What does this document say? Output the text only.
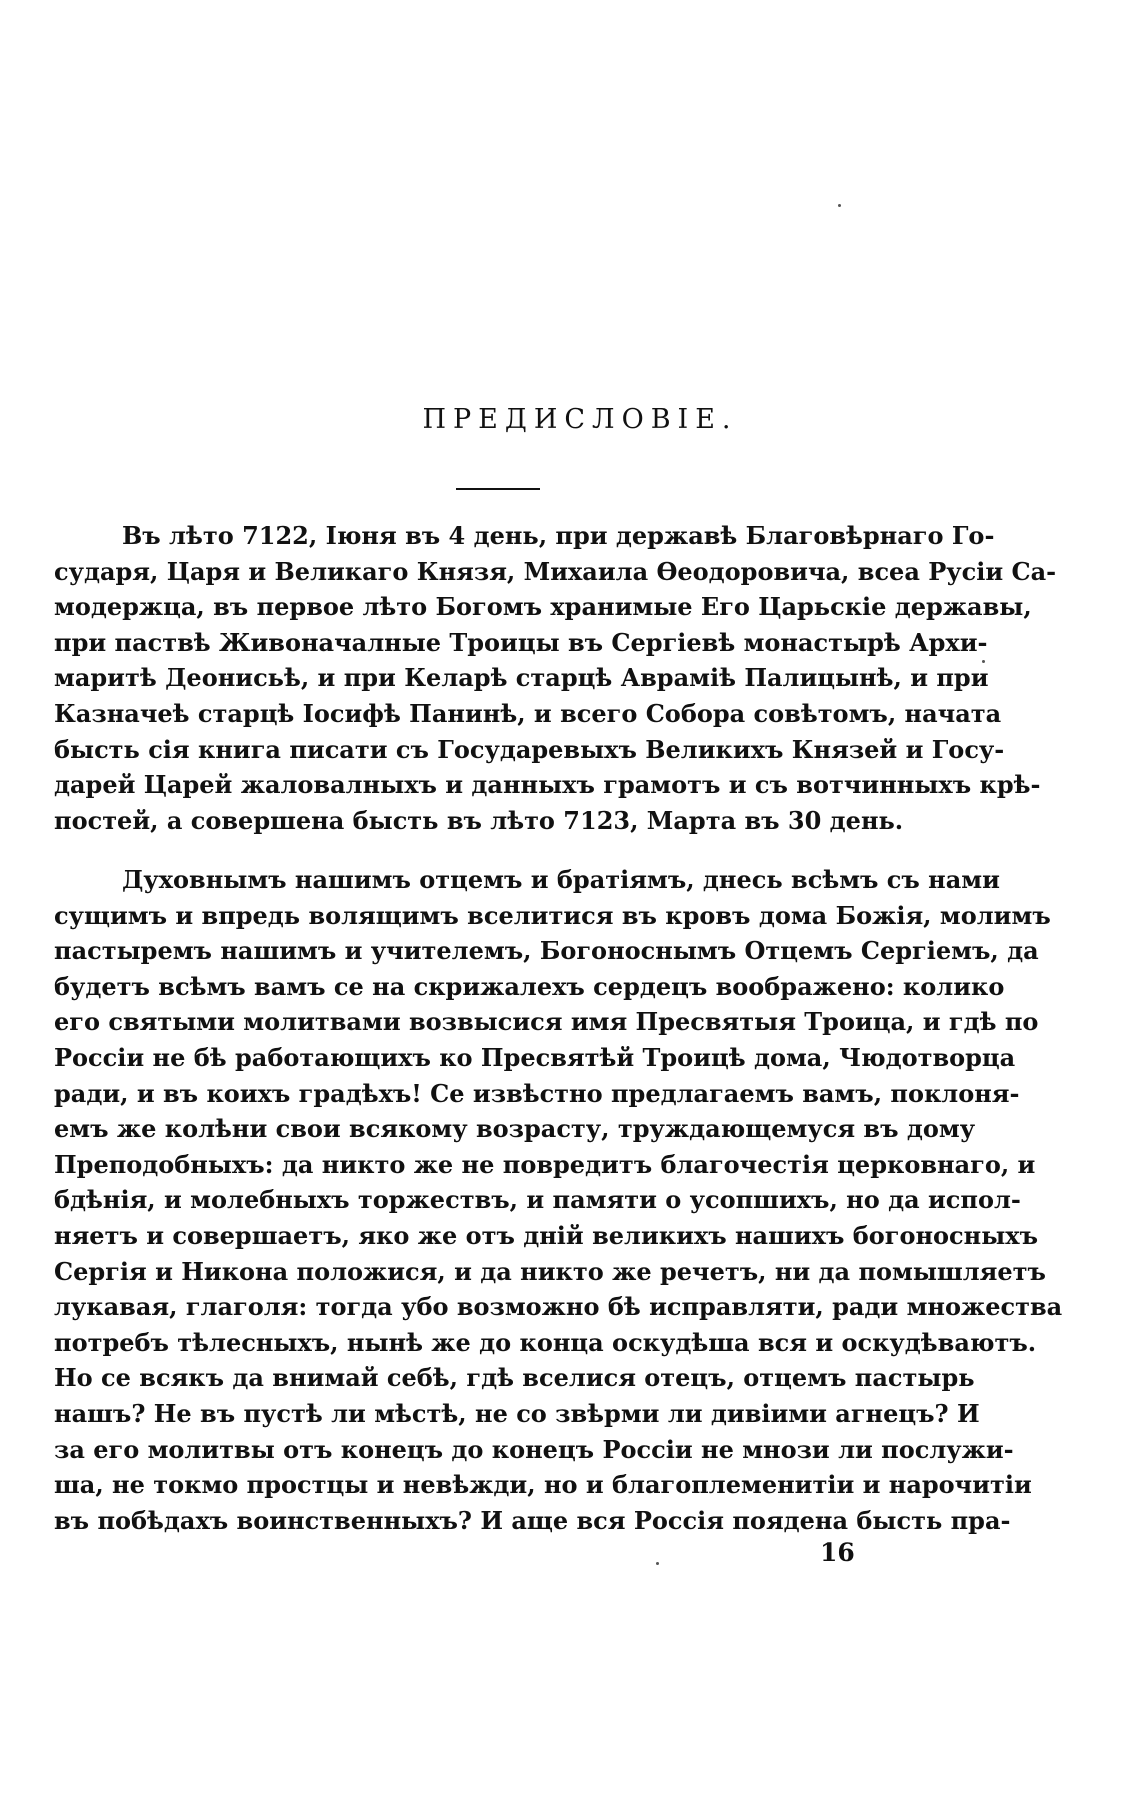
ПРЕДИСЛОВІЕ.

Въ лѣто 7122, Іюня въ 4 день, при державѣ Благовѣрнаго Го-
сударя, Царя и Великаго Князя, Михаила Ѳеодоровича, всеа Русіи Са-
модержца, въ первое лѣто Богомъ хранимые Его Царьскіе державы,
при паствѣ Живоначалные Троицы въ Сергіевѣ монастырѣ Архи-
маритѣ Деонисьѣ, и при Келарѣ старцѣ Аврамiѣ Палицынѣ, и при
Казначеѣ старцѣ Іосифѣ Панинѣ, и всего Собора совѣтомъ, начата
бысть сія книга писати съ Государевыхъ Великихъ Князей и Госу-
дарей Царей жаловалныхъ и данныхъ грамотъ и съ вотчинныхъ крѣ-
постей, а совершена бысть въ лѣто 7123, Марта въ 30 день.

Духовнымъ нашимъ отцемъ и братіямъ, днесь всѣмъ съ нами
сущимъ и впредь волящимъ вселитися въ кровъ дома Божія, молимъ
пастыремъ нашимъ и учителемъ, Богоноснымъ Отцемъ Сергіемъ, да
будетъ всѣмъ вамъ се на скрижалехъ сердецъ воображено: колико
его святыми молитвами возвысися имя Пресвятыя Троица, и гдѣ по
Россіи не бѣ работающихъ ко Пресвятѣй Троицѣ дома, Чюдотворца
ради, и въ коихъ градѣхъ! Се извѣстно предлагаемъ вамъ, поклоня-
емъ же колѣни свои всякому возрасту, труждающемуся въ дому
Преподобныхъ: да никто же не повредитъ благочестія церковнаго, и
бдѣнія, и молебныхъ торжествъ, и памяти о усопшихъ, но да испол-
няетъ и совершаетъ, яко же отъ днiй великихъ нашихъ богоносныхъ
Сергія и Никона положися, и да никто же речетъ, ни да помышляетъ
лукавая, глаголя: тогда убо возможно бѣ исправляти, ради множества
потребъ тѣлесныхъ, нынѣ же до конца оскудѣша вся и оскудѣваютъ.
Но се всякъ да внимай себѣ, гдѣ вселися отецъ, отцемъ пастырь
нашъ? Не въ пустѣ ли мѣстѣ, не со звѣрми ли дивiими агнецъ? И
за его молитвы отъ конецъ до конецъ Россіи не мнози ли послужи-
ша, не токмо простцы и невѣжди, но и благоплеменитіи и нарочитіи
въ побѣдахъ воинственныхъ? И аще вся Россія поядена бысть пра-

16
